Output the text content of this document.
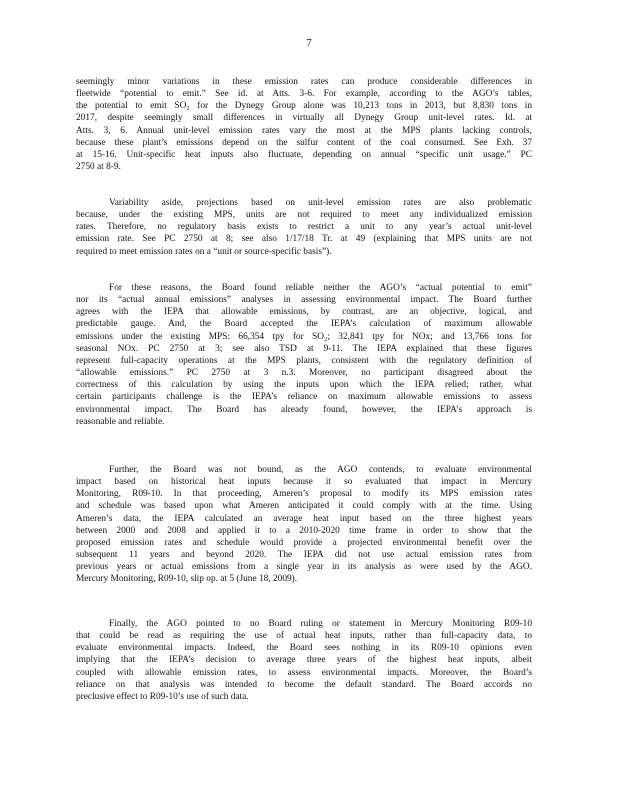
7
seemingly minor variations in these emission rates can produce considerable differences in
fleetwide “potential to emit.” See id. at Atts. 3-6. For example, according to the AGO’s tables,
the potential to emit SO₂ for the Dynegy Group alone was 10,213 tons in 2013, but 8,830 tons in
2017, despite seemingly small differences in virtually all Dynegy Group unit-level rates. Id. at
Atts. 3, 6. Annual unit-level emission rates vary the most at the MPS plants lacking controls,
because these plant’s emissions depend on the sulfur content of the coal consumed. See Exh. 37
at 15-16. Unit-specific heat inputs also fluctuate, depending on annual “specific unit usage.” PC
2750 at 8-9.
Variability aside, projections based on unit-level emission rates are also problematic
because, under the existing MPS, units are not required to meet any individualized emission
rates. Therefore, no regulatory basis exists to restrict a unit to any year’s actual unit-level
emission rate. See PC 2750 at 8; see also 1/17/18 Tr. at 49 (explaining that MPS units are not
required to meet emission rates on a “unit or source-specific basis”).
For these reasons, the Board found reliable neither the AGO’s “actual potential to emit”
nor its “actual annual emissions” analyses in assessing environmental impact. The Board further
agrees with the IEPA that allowable emissions, by contrast, are an objective, logical, and
predictable gauge. And, the Board accepted the IEPA’s calculation of maximum allowable
emissions under the existing MPS: 66,354 tpy for SO₂; 32,841 tpy for NOx; and 13,766 tons for
seasonal NOx. PC 2750 at 3; see also TSD at 9-11. The IEPA explained that these figures
represent full-capacity operations at the MPS plants, consistent with the regulatory definition of
“allowable emissions.” PC 2750 at 3 n.3. Moreover, no participant disagreed about the
correctness of this calculation by using the inputs upon which the IEPA relied; rather, what
certain participants challenge is the IEPA’s reliance on maximum allowable emissions to assess
environmental impact. The Board has already found, however, the IEPA’s approach is
reasonable and reliable.
Further, the Board was not bound, as the AGO contends, to evaluate environmental
impact based on historical heat inputs because it so evaluated that impact in Mercury
Monitoring, R09-10. In that proceeding, Ameren’s proposal to modify its MPS emission rates
and schedule was based upon what Ameren anticipated it could comply with at the time. Using
Ameren’s data, the IEPA calculated an average heat input based on the three highest years
between 2000 and 2008 and applied it to a 2010-2020 time frame in order to show that the
proposed emission rates and schedule would provide a projected environmental benefit over the
subsequent 11 years and beyond 2020. The IEPA did not use actual emission rates from
previous years or actual emissions from a single year in its analysis as were used by the AGO.
Mercury Monitoring, R09-10, slip op. at 5 (June 18, 2009).
Finally, the AGO pointed to no Board ruling or statement in Mercury Monitoring R09-10
that could be read as requiring the use of actual heat inputs, rather than full-capacity data, to
evaluate environmental impacts. Indeed, the Board sees nothing in its R09-10 opinions even
implying that the IEPA’s decision to average three years of the highest heat inputs, albeit
coupled with allowable emission rates, to assess environmental impacts. Moreover, the Board’s
reliance on that analysis was intended to become the default standard. The Board accords no
preclusive effect to R09-10’s use of such data.
